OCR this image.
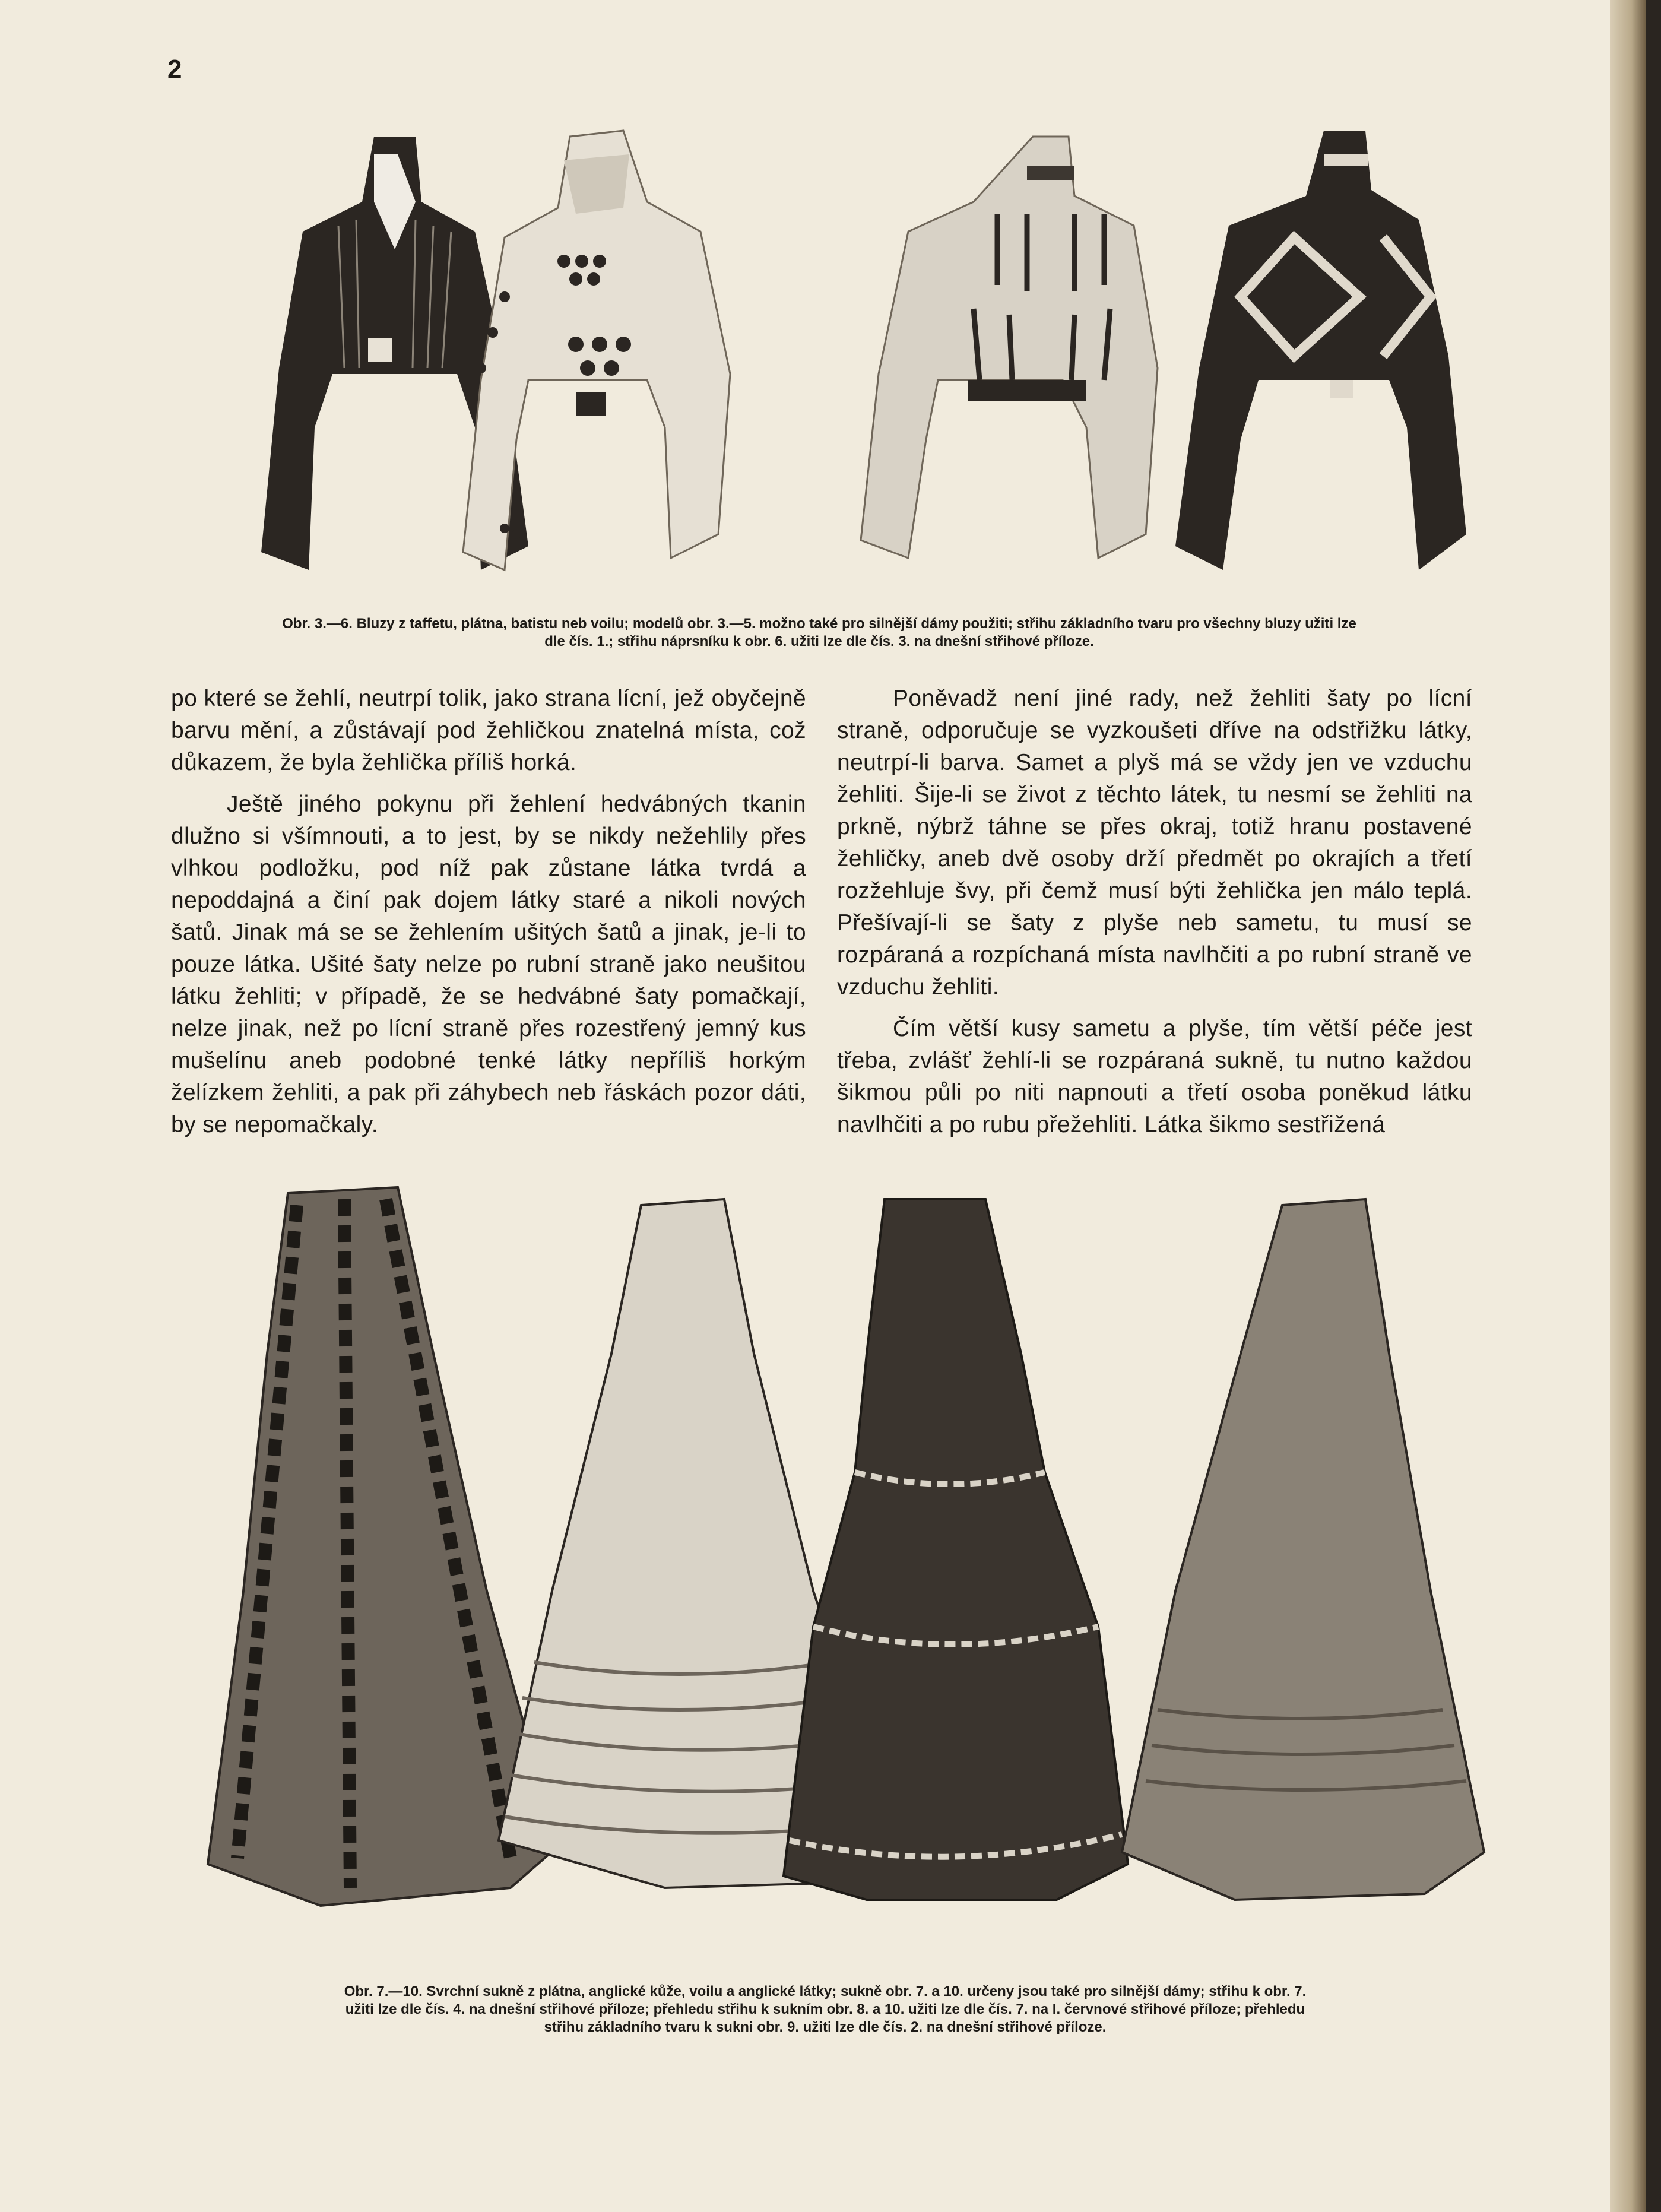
2
Obr. 3.—6. Bluzy z taffetu, plátna, batistu neb voilu; modelů obr. 3.—5. možno také pro silnější dámy použiti; střihu základního tvaru pro všechny bluzy užiti lze
dle čís. 1.; střihu náprsníku k obr. 6. užiti lze dle čís. 3. na dnešní střihové příloze.

po které se žehlí, neutrpí tolik, jako strana lícní, jež obyčejně barvu mění, a zůstávají pod žehličkou znatelná místa, což důkazem, že byla žehlička příliš horká.

Ještě jiného pokynu při žehlení hedvábných tkanin dlužno si všímnouti, a to jest, by se nikdy nežehlily přes vlhkou podložku, pod níž pak zůstane látka tvrdá a nepoddajná a činí pak dojem látky staré a nikoli nových šatů. Jinak má se se žehlením ušitých šatů a jinak, je-li to pouze látka. Ušité šaty nelze po rubní straně jako neušitou látku žehliti; v případě, že se hedvábné šaty pomačkají, nelze jinak, než po lícní straně přes rozestřený jemný kus mušelínu aneb podobné tenké látky nepříliš horkým želízkem žehliti, a pak při záhybech neb řáskách pozor dáti, by se nepomačkaly.

Poněvadž není jiné rady, než žehliti šaty po lícní straně, odporučuje se vyzkoušeti dříve na odstřižku látky, neutrpí-li barva. Samet a plyš má se vždy jen ve vzduchu žehliti. Šije-li se život z těchto látek, tu nesmí se žehliti na prkně, nýbrž táhne se přes okraj, totiž hranu postavené žehličky, aneb dvě osoby drží předmět po okrajích a třetí rozžehluje švy, při čemž musí býti žehlička jen málo teplá. Přešívají-li se šaty z plyše neb sametu, tu musí se rozpáraná a rozpíchaná místa navlhčiti a po rubní straně ve vzduchu žehliti.

Čím větší kusy sametu a plyše, tím větší péče jest třeba, zvlášť žehlí-li se rozpáraná sukně, tu nutno každou šikmou půli po niti napnouti a třetí osoba poněkud látku navlhčiti a po rubu přežehliti. Látka šikmo sestřižená

Obr. 7.—10. Svrchní sukně z plátna, anglické kůže, voilu a anglické látky; sukně obr. 7. a 10. určeny jsou také pro silnější dámy; střihu k obr. 7.
užiti lze dle čís. 4. na dnešní střihové příloze; přehledu střihu k sukním obr. 8. a 10. užiti lze dle čís. 7. na I. červnové střihové příloze; přehledu
střihu základního tvaru k sukni obr. 9. užiti lze dle čís. 2. na dnešní střihové příloze.
